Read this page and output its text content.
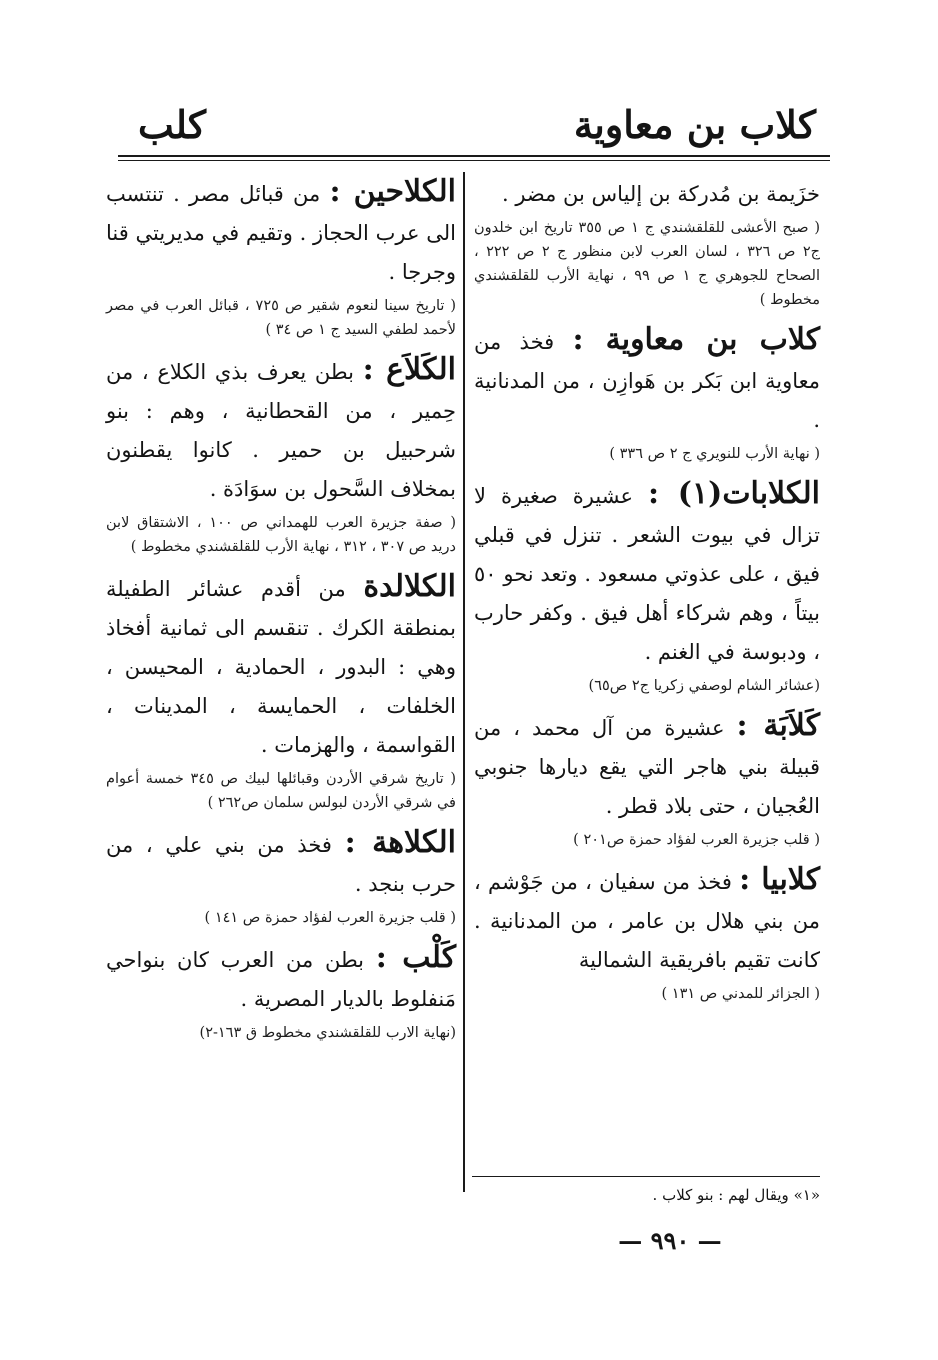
كلاب بن معاوية
كلب

خزَيمة بن مُدركة بن إلياس بن مضر .

( صبح الأعشى للقلقشندي ج ١ ص ٣٥٥ تاريخ ابن خلدون ج٢ ص ٣٢٦ ، لسان العرب لابن منظور ج ٢ ص ٢٢٢ ، الصحاح للجوهري ج ١ ص ٩٩ ، نهاية الأرب للقلقشندي مخطوط )

كلاب بن معاوية : فخذ من معاوية ابن بَكر بن هَوازِن ، من المدنانية .

( نهاية الأرب للنويري ج ٢ ص ٣٣٦ )

الكلابات(١) : عشيرة صغيرة لا تزال في بيوت الشعر . تنزل في قبلي فيق ، على عذوتي مسعود . وتعد نحو ٥٠ بيتاً ، وهم شركاء أهل فيق . وكفر حارب ، ودبوسة في الغنم .

(عشائر الشام لوصفي زكريا ج٢ ص٦٥)

كَلاَبَة : عشيرة من آل محمد ، من قبيلة بني هاجر التي يقع ديارها جنوبي العُجيان ، حتى بلاد قطر .

( قلب جزيرة العرب لفؤاد حمزة ص٢٠١ )

كلابيا : فخذ من سفيان ، من جَوْشم ، من بني هلال بن عامر ، من المدنانية . كانت تقيم بافريقية الشمالية

( الجزائر للمدني ص ١٣١ )

الكلاحين : من قبائل مصر . تنتسب الى عرب الحجاز . وتقيم في مديريتي قنا وجرجا .

( تاريخ سينا لنعوم شقير ص ٧٢٥ ، قبائل العرب في مصر لأحمد لطفي السيد ج ١ ص ٣٤ )

الكَلاَع : بطن يعرف بذي الكلاع ، من حِمير ، من القحطانية ، وهم : بنو شرحبيل بن حمير . كانوا يقطنون بمخلاف السَّحول بن سوَادَة .

( صفة جزيرة العرب للهمداني ص ١٠٠ ، الاشتقاق لابن دريد ص ٣٠٧ ، ٣١٢ ، نهاية الأرب للقلقشندي مخطوط )

الكلالدة من أقدم عشائر الطفيلة بمنطقة الكرك . تنقسم الى ثمانية أفخاذ وهي : البدور ، الحمادية ، المحيسن ، الخلفات ، الحمايسة ، المدينات ، القواسمة ، والهزمات .

( تاريخ شرقي الأردن وقبائلها لبيك ص ٣٤٥ خمسة أعوام في شرقي الأردن لبولس سلمان ص٢٦٢ )

الكلاهة : فخذ من بني علي ، من حرب بنجد .

( قلب جزيرة العرب لفؤاد حمزة ص ١٤١ )

كَلْب : بطن من العرب كان بنواحي مَنفلوط بالديار المصرية .

(نهاية الارب للقلقشندي مخطوط ق ١٦٣-٢)

«١» ويقال لهم : بنو كلاب .
— ٩٩٠ —
